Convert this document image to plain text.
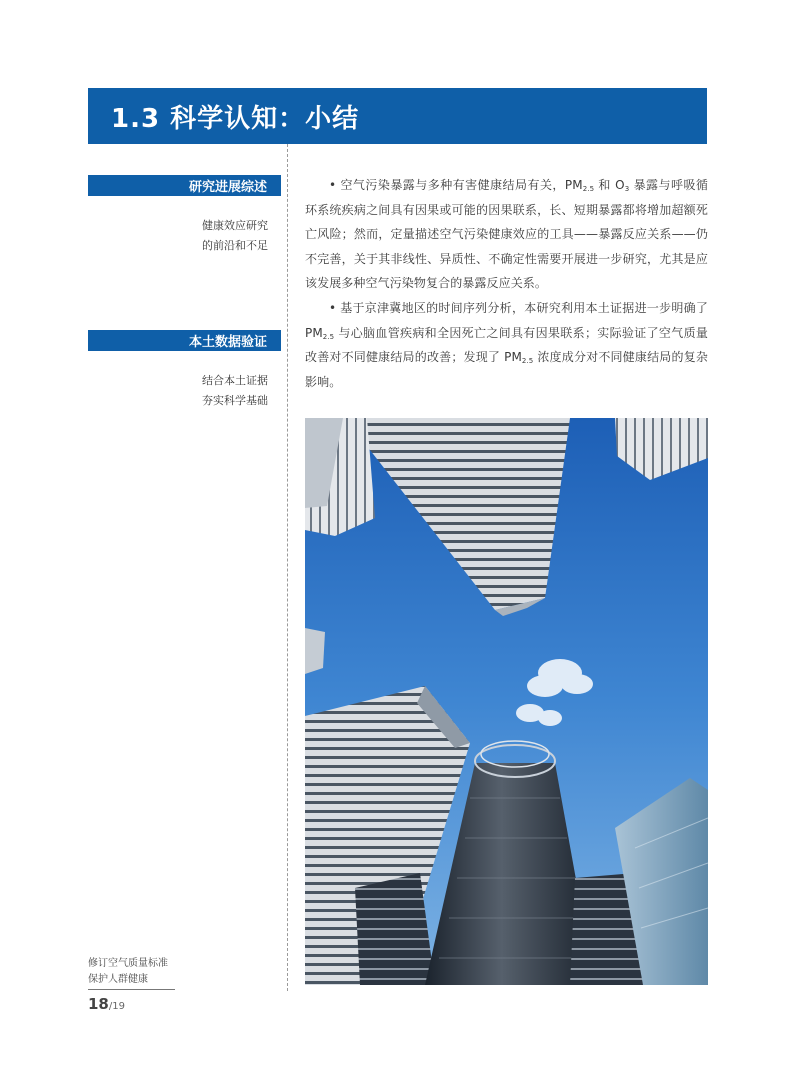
1.3 科学认知：小结
研究进展综述
健康效应研究
的前沿和不足
本土数据验证
结合本土证据
夯实科学基础

• 空气污染暴露与多种有害健康结局有关，$PM_{2.5}$ 和 $O_3$ 暴露与呼吸循环系统疾病之间具有因果或可能的因果联系，长、短期暴露都将增加超额死亡风险；然而，定量描述空气污染健康效应的工具——暴露反应关系——仍不完善，关于其非线性、异质性、不确定性需要开展进一步研究，尤其是应该发展多种空气污染物复合的暴露反应关系。

• 基于京津冀地区的时间序列分析，本研究利用本土证据进一步明确了 $PM_{2.5}$ 与心脑血管疾病和全因死亡之间具有因果联系；实际验证了空气质量改善对不同健康结局的改善；发现了 $PM_{2.5}$ 浓度成分对不同健康结局的复杂影响。

修订空气质量标准
保护人群健康
18/19
